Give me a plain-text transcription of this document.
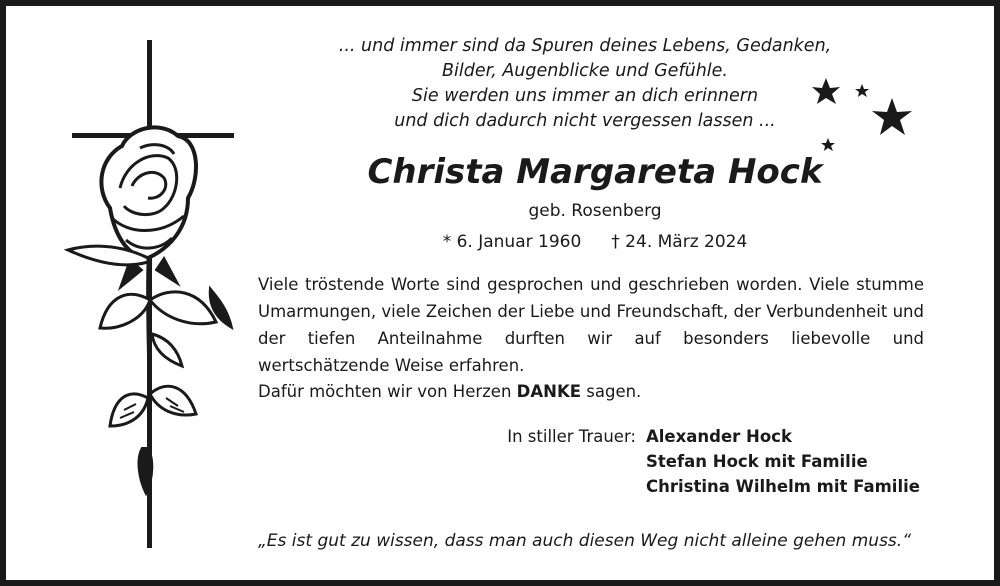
... und immer sind da Spuren deines Lebens, Gedanken,
Bilder, Augenblicke und Gefühle.
Sie werden uns immer an dich erinnern
und dich dadurch nicht vergessen lassen ...
Christa Margareta Hock
geb. Rosenberg
* 6. Januar 1960 † 24. März 2024
Viele tröstende Worte sind gesprochen und geschrieben worden. Viele stumme Umarmungen, viele Zeichen der Liebe und Freundschaft, der Verbundenheit und der tiefen Anteilnahme durften wir auf besonders liebevolle und wertschätzende Weise erfahren.
Dafür möchten wir von Herzen DANKE sagen.
In stiller Trauer: Alexander Hock
Stefan Hock mit Familie
Christina Wilhelm mit Familie
„Es ist gut zu wissen, dass man auch diesen Weg nicht alleine gehen muss.“
